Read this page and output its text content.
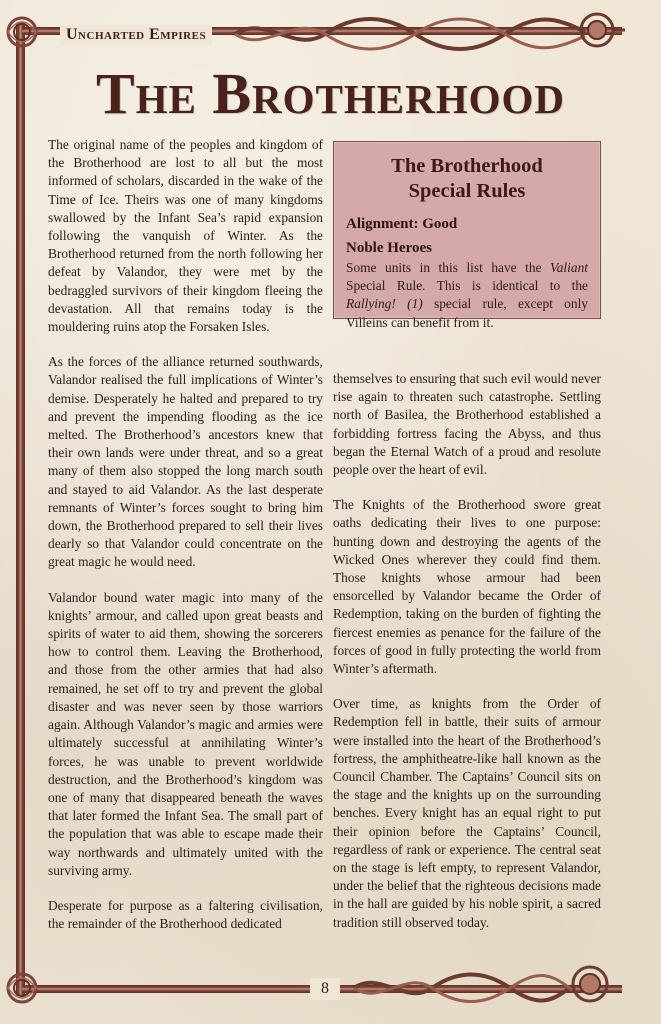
Uncharted Empires
The Brotherhood

The original name of the peoples and kingdom of the Brotherhood are lost to all but the most informed of scholars, discarded in the wake of the Time of Ice. Theirs was one of many kingdoms swallowed by the Infant Sea’s rapid expansion following the vanquish of Winter. As the Brotherhood returned from the north following her defeat by Valandor, they were met by the bedraggled survivors of their kingdom fleeing the devastation. All that remains today is the mouldering ruins atop the Forsaken Isles.

As the forces of the alliance returned southwards, Valandor realised the full implications of Winter’s demise. Desperately he halted and prepared to try and prevent the impending flooding as the ice melted. The Brotherhood’s ancestors knew that their own lands were under threat, and so a great many of them also stopped the long march south and stayed to aid Valandor. As the last desperate remnants of Winter’s forces sought to bring him down, the Brotherhood prepared to sell their lives dearly so that Valandor could concentrate on the great magic he would need.

Valandor bound water magic into many of the knights’ armour, and called upon great beasts and spirits of water to aid them, showing the sorcerers how to control them. Leaving the Brotherhood, and those from the other armies that had also remained, he set off to try and prevent the global disaster and was never seen by those warriors again. Although Valandor’s magic and armies were ultimately successful at annihilating Winter’s forces, he was unable to prevent worldwide destruction, and the Brotherhood’s kingdom was one of many that disappeared beneath the waves that later formed the Infant Sea. The small part of the population that was able to escape made their way northwards and ultimately united with the surviving army.

Desperate for purpose as a faltering civilisation, the remainder of the Brotherhood dedicated

The Brotherhood
Special Rules
Alignment: Good
Noble Heroes
Some units in this list have the Valiant Special Rule. This is identical to the Rallying! (1) special rule, except only Villeins can benefit from it.

themselves to ensuring that such evil would never rise again to threaten such catastrophe. Settling north of Basilea, the Brotherhood established a forbidding fortress facing the Abyss, and thus began the Eternal Watch of a proud and resolute people over the heart of evil.

The Knights of the Brotherhood swore great oaths dedicating their lives to one purpose: hunting down and destroying the agents of the Wicked Ones wherever they could find them. Those knights whose armour had been ensorcelled by Valandor became the Order of Redemption, taking on the burden of fighting the fiercest enemies as penance for the failure of the forces of good in fully protecting the world from Winter’s aftermath.

Over time, as knights from the Order of Redemption fell in battle, their suits of armour were installed into the heart of the Brotherhood’s fortress, the amphitheatre-like hall known as the Council Chamber. The Captains’ Council sits on the stage and the knights up on the surrounding benches. Every knight has an equal right to put their opinion before the Captains’ Council, regardless of rank or experience. The central seat on the stage is left empty, to represent Valandor, under the belief that the righteous decisions made in the hall are guided by his noble spirit, a sacred tradition still observed today.

8
